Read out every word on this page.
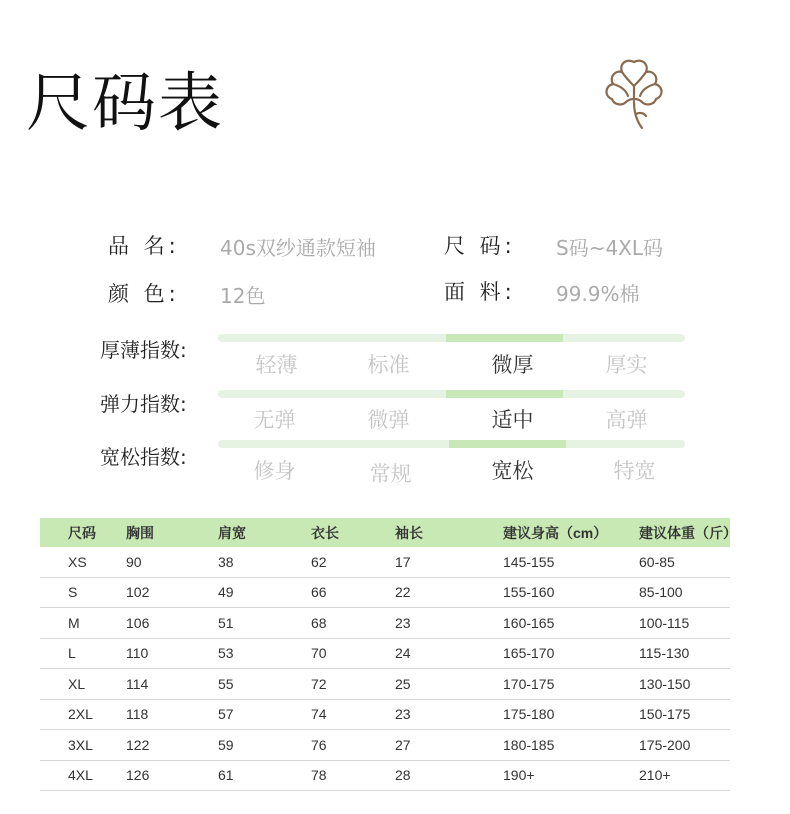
尺码表
品 名: 40s双纱通款短袖	尺 码: S码~4XL码
颜 色: 12色	面 料: 99.9%棉
厚薄指数:
轻薄	标准	微厚	厚实
弹力指数:
无弹	微弹	适中	高弹
宽松指数:
修身	常规	宽松	特宽
尺码	胸围	肩宽	衣长	袖长	建议身高（cm）	建议体重（斤）
XS	90	38	62	17	145-155	60-85
S	102	49	66	22	155-160	85-100
M	106	51	68	23	160-165	100-115
L	110	53	70	24	165-170	115-130
XL	114	55	72	25	170-175	130-150
2XL	118	57	74	23	175-180	150-175
3XL	122	59	76	27	180-185	175-200
4XL	126	61	78	28	190+	210+
